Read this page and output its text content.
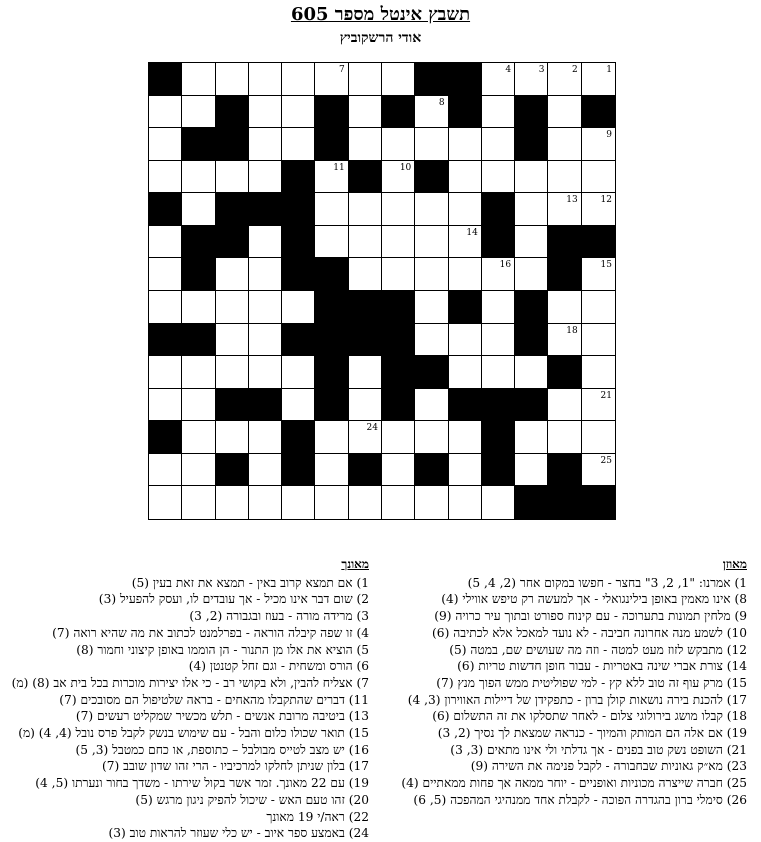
תשבץ אינטל מספר 605
אודי הרשקוביץ
1
2
3
4
5
6
7
8
9
10
11
12
13
14
15
16
17
18
19
20
21
22
23
24
25
26
מאוזן
1) אמרנו: "1, 2, 3" בחצר - חפשו במקום אחר (2, 4, 5)
8) אינו מאמין באופן בילינגואלי - אך למעשה רק טיפש אווילי (4)
9) מלחין תמונות בתערוכה - עם קינוח ספורט ובתוך עיר כרויה (9)
10) לשמע מנה אחרונה חביבה - לא נועד למאכל אלא לכתיבה (6)
12) מתבקש לזוז מעט למטה - וזה מה שעושים שם, במטה (5)
14) צורת אברי שינה באטריות - עבור חופן חדשות טריות (6)
15) מרק עוף זה טוב ללא קץ - למי שפוליטית ממש הפוך מנץ (7)
17) להכנת בירה נושאות קולן ברון - כתפקידן של דיילות האווירון (3, 4)
18) קבלו מושג בירולוגי צלום - לאחר שתסלקו את זה התשלום (6)
19) אם אלה הם המותק והמיוך - כנראה שמצאת לך נסיך (2, 3)
21) השופט נשק טוב בפנים - אך גדלתי ולי אינו מתאים (3, 3)
23) מא״ק גאוניות שבחבורה - לקבל פנימה את השירה (9)
25) חברה שייצרה מכוניות ואופניים - יוחר ממאה אך פחות ממאתיים (4)
26) סימלי ברון בהגדרה הפוכה - לקבלת אחד ממנהיגי המהפכה (5, 6)
מאונך
1) אם תמצא קרוב באין - תמצא את זאת בעין (5)
2) שום דבר אינו מכיל - אך עובדים לו, ועסק להפעיל (3)
3) מרידה מורה - בעוז ובגבורה (2, 3)
4) זו שפה קיבלה הוראה - בפרלמנט לכתוב את מה שהיא רואה (7)
5) הוציא את אלו מן התנור - הן הוממו באופן קיצוני וחמור (8)
6) הורס ומשחית - וגם זחל קטנטן (4)
7) אצליח להבין, ולא בקושי רב - כי אלו יצירות מוכרות בכל בית אב (8) (מ)
11) דברים שהתקבלו מהאחים - בראה שלטיפול הם מסובכים (7)
13) ביטיבה מרובת אנשים - תלש מכשיר שמקליט רעשים (7)
15) תואר שכולו כלום והבל - עם שימוש בנשק לקבל פרס נובל (4, 4) (מ)
16) יש מצב לטייס מבולבל – כתוספת, או כחם כמטבל (3, 5)
17) בלון שניתן לחלקו למרכיביו - הרי זהו שדון שובב (7)
19) עם 22 מאונך. זמר אשר בקול שירתו - משדך בחור ונערתו (5, 4)
20) זהו טעם האש - שיכול להפיק ניגון מרגש (5)
22) ראה/י 19 מאונך
24) באמצע ספר איוב - יש כלי שעוזר להראות טוב (3)
